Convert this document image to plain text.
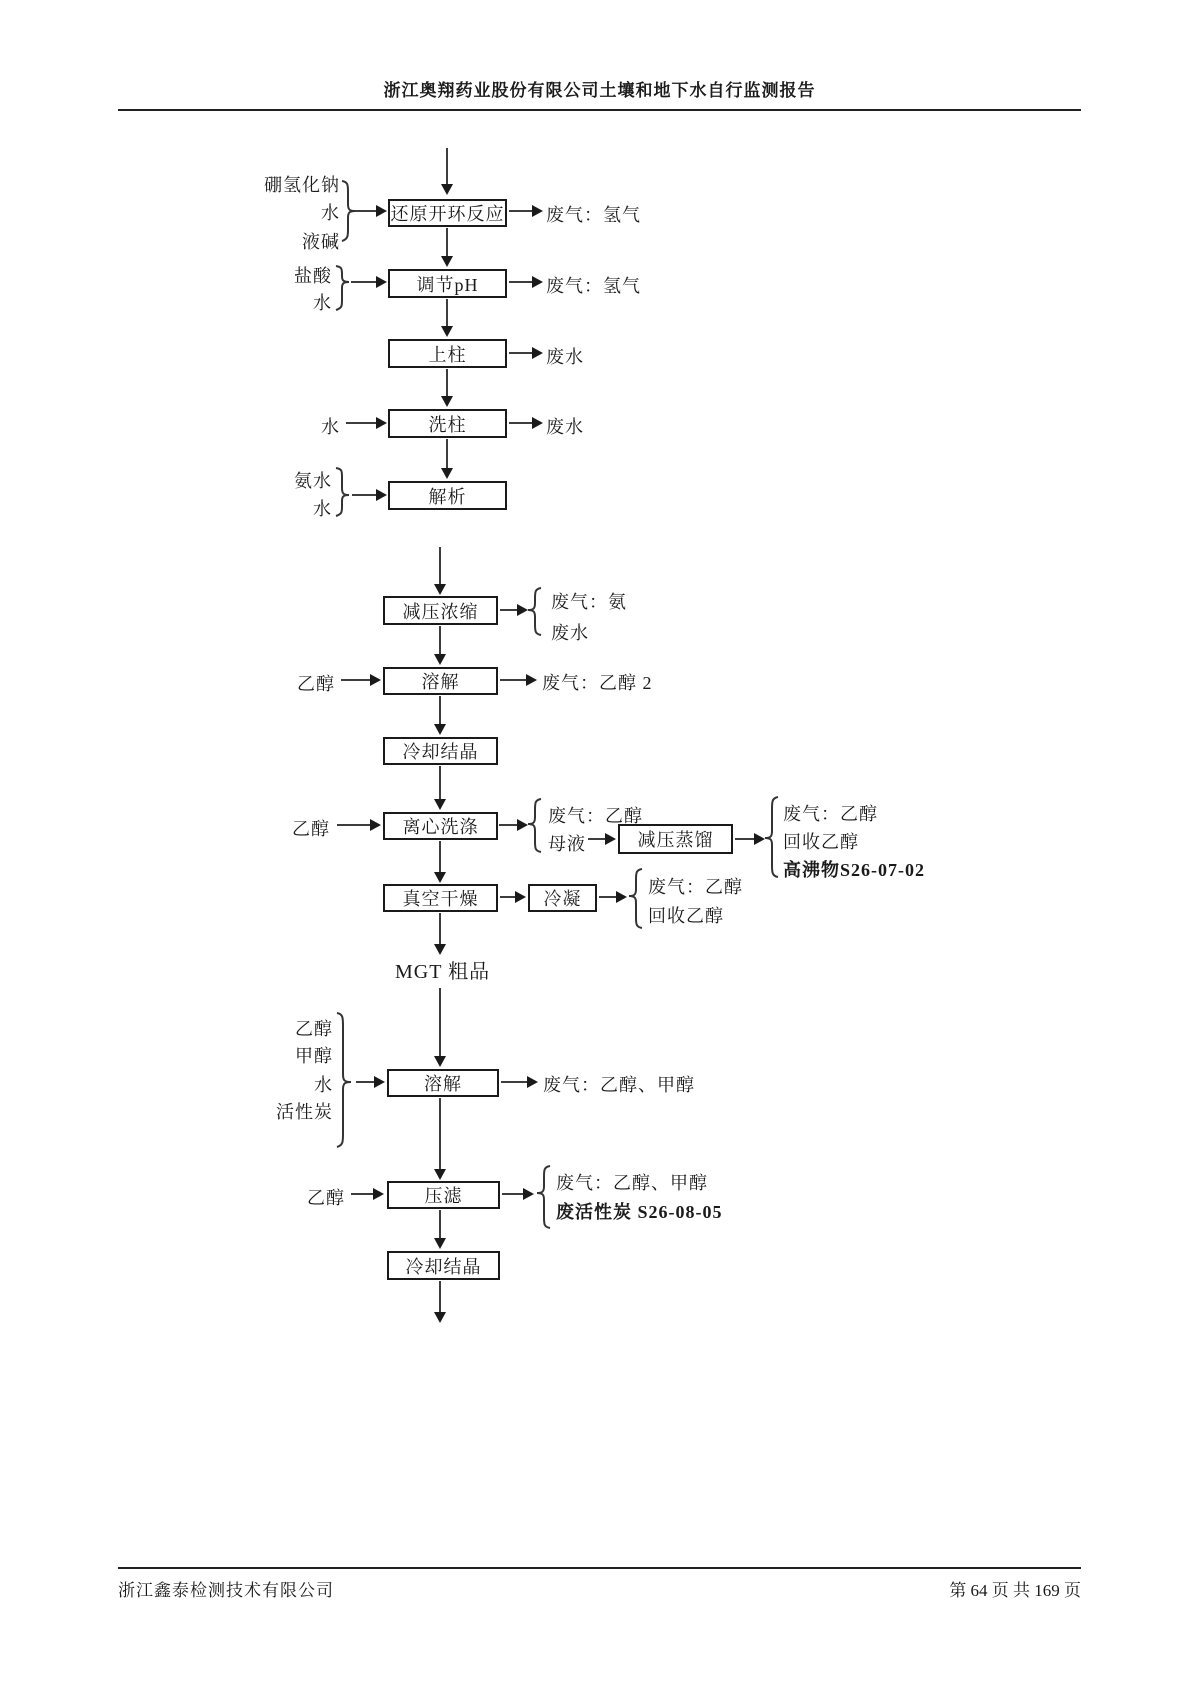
浙江奥翔药业股份有限公司土壤和地下水自行监测报告
还原开环反应
调节pH
上柱
洗柱
解析
减压浓缩
溶解
冷却结晶
离心洗涤
真空干燥
溶解
压滤
冷却结晶
减压蒸馏
冷凝
硼氢化钠
水
液碱
盐酸
水
水
氨水
水
乙醇
乙醇
乙醇
甲醇
水
活性炭
乙醇
废气：氢气
废气：氢气
废水
废水
废气：氨
废水
废气：乙醇 2
废气：乙醇
母液
废气：乙醇
回收乙醇
高沸物S26-07-02
废气：乙醇
回收乙醇
废气：乙醇、甲醇
废气：乙醇、甲醇
废活性炭 S26-08-05
MGT 粗品
浙江鑫泰检测技术有限公司	第 64 页 共 169 页
